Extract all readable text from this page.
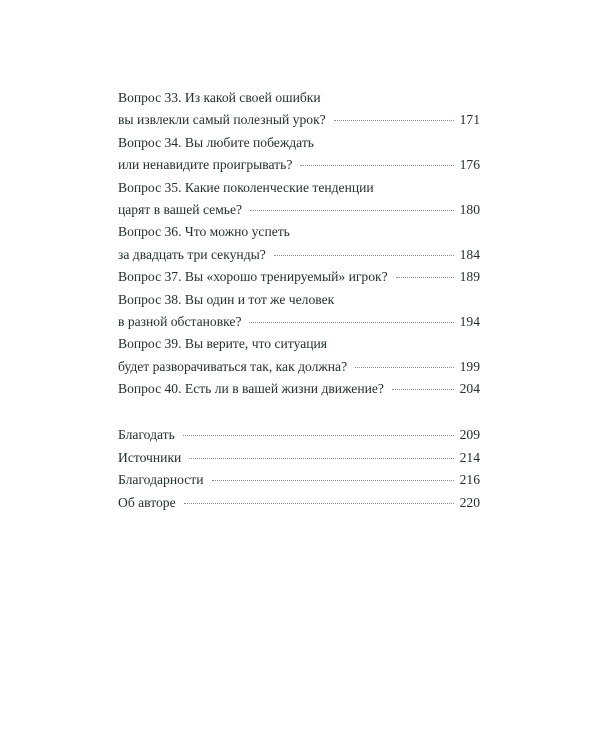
Вопрос 33. Из какой своей ошибки
вы извлекли самый полезный урок?	171
Вопрос 34. Вы любите побеждать
или ненавидите проигрывать?	176
Вопрос 35. Какие поколенческие тенденции
царят в вашей семье?	180
Вопрос 36. Что можно успеть
за двадцать три секунды?	184
Вопрос 37. Вы «хорошо тренируемый» игрок?	189
Вопрос 38. Вы один и тот же человек
в разной обстановке?	194
Вопрос 39. Вы верите, что ситуация
будет разворачиваться так, как должна?	199
Вопрос 40. Есть ли в вашей жизни движение?	204
Благодать	209
Источники	214
Благодарности	216
Об авторе	220
